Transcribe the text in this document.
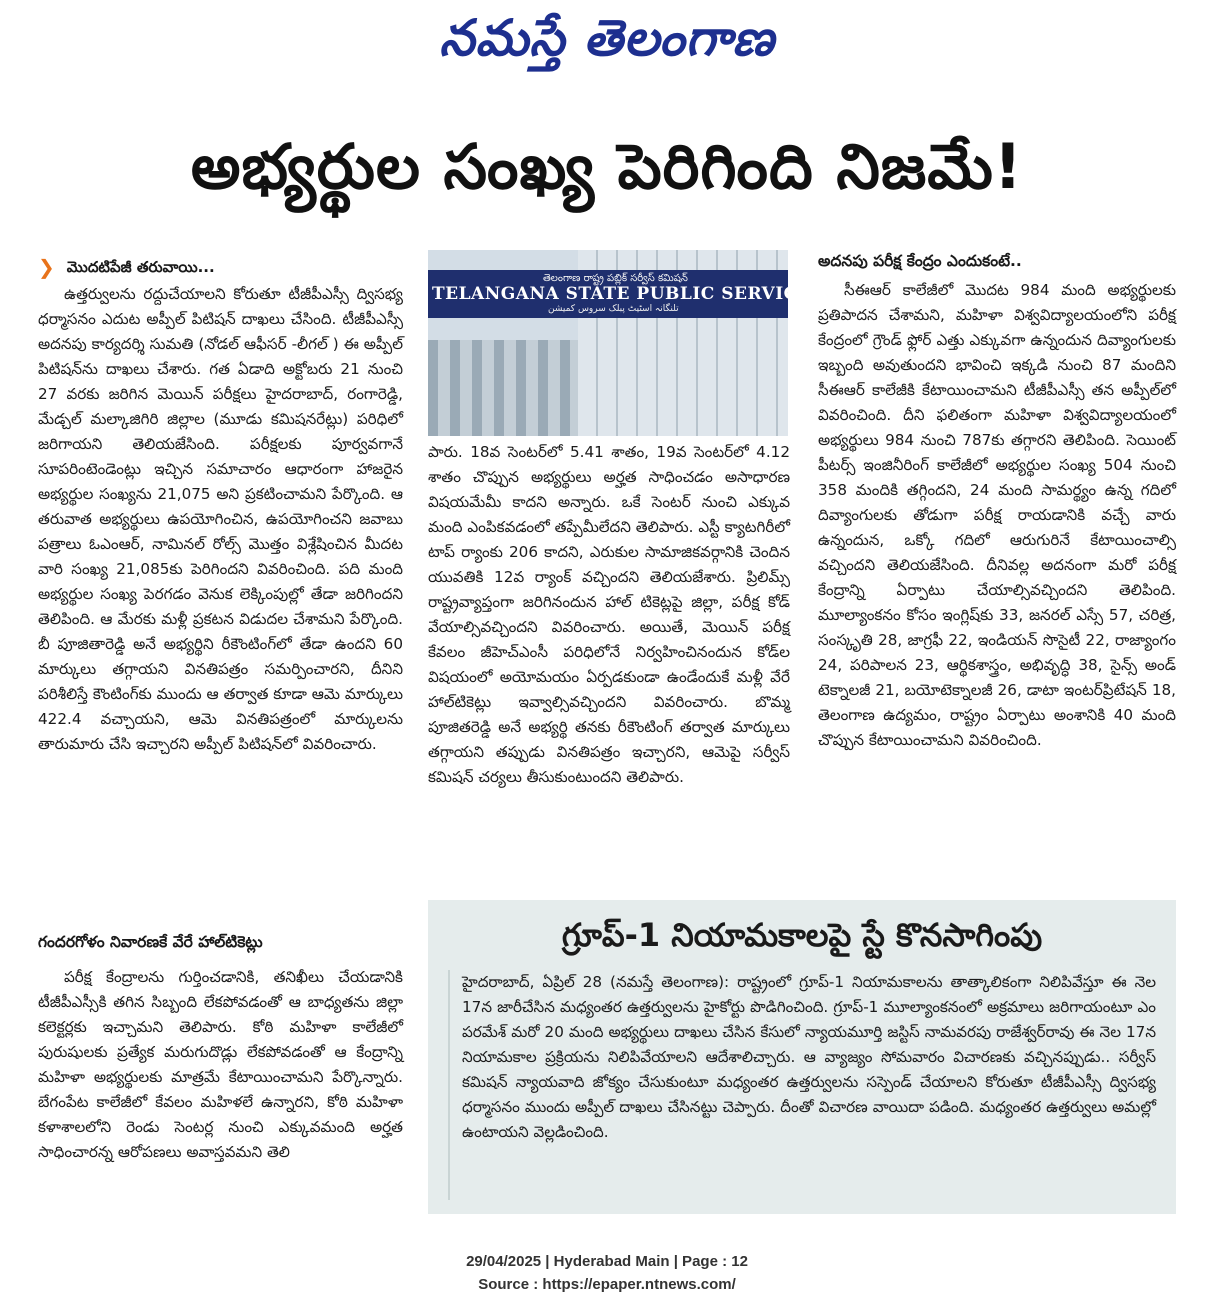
నమస్తే తెలంగాణ
అభ్యర్థుల సంఖ్య పెరిగింది నిజమే!
❯ మొదటిపేజీ తరువాయి...

ఉత్తర్వులను రద్దుచేయాలని కోరుతూ టీజీపీఎస్సీ ద్విసభ్య ధర్మాసనం ఎదుట అప్పీల్ పిటిషన్ దాఖలు చేసింది. టీజీపీఎస్సీ అదనపు కార్యదర్శి సుమతి (నోడల్ ఆఫీసర్ -లీగల్ ) ఈ అప్పీల్ పిటిషన్‌ను దాఖలు చేశారు. గత ఏడాది అక్టోబరు 21 నుంచి 27 వరకు జరిగిన మెయిన్ పరీక్షలు హైదరాబాద్, రంగారెడ్డి, మేడ్చల్ మల్కాజిగిరి జిల్లాల (మూడు కమిషనరేట్లు) పరిధిలో జరిగాయని తెలియజేసింది. పరీక్షలకు పూర్వవగానే సూపరింటెండెంట్లు ఇచ్చిన సమాచారం ఆధారంగా హాజరైన అభ్యర్థుల సంఖ్యను 21,075 అని ప్రకటించామని పేర్కొంది. ఆ తరువాత అభ్యర్థులు ఉపయోగించిన, ఉపయోగించని జవాబు పత్రాలు ఓఎంఆర్, నామినల్ రోల్స్ మొత్తం విశ్లేషించిన మీదట వారి సంఖ్య 21,085కు పెరిగిందని వివరించింది. పది మంది అభ్యర్థుల సంఖ్య పెరగడం వెనుక లెక్కింపుల్లో తేడా జరిగిందని తెలిపింది. ఆ మేరకు మళ్లీ ప్రకటన విడుదల చేశామని పేర్కొంది. బీ పూజితారెడ్డి అనే అభ్యర్థిని రీకౌంటింగ్‌లో తేడా ఉందని 60 మార్కులు తగ్గాయని వినతిపత్రం సమర్పించారని, దీనిని పరిశీలిస్తే కౌంటింగ్‌కు ముందు ఆ తర్వాత కూడా ఆమె మార్కులు 422.4 వచ్చాయని, ఆమె వినతిపత్రంలో మార్కులను తారుమారు చేసి ఇచ్చారని అప్పీల్ పిటిషన్‌లో వివరించారు.

గందరగోళం నివారణకే వేరే హాల్‌టికెట్లు

పరీక్ష కేంద్రాలను గుర్తించడానికి, తనిఖీలు చేయడానికి టీజీపీఎస్సీకి తగిన సిబ్బంది లేకపోవడంతో ఆ బాధ్యతను జిల్లా కలెక్టర్లకు ఇచ్చామని తెలిపారు. కోఠి మహిళా కాలేజీలో పురుషులకు ప్రత్యేక మరుగుదొడ్లు లేకపోవడంతో ఆ కేంద్రాన్ని మహిళా అభ్యర్థులకు మాత్రమే కేటాయించామని పేర్కొన్నారు. బేగంపేట కాలేజీలో కేవలం మహిళలే ఉన్నారని, కోఠి మహిళా కళాశాలలోని రెండు సెంటర్ల నుంచి ఎక్కువమంది అర్హత సాధించారన్న ఆరోపణలు అవాస్తవమని తెలి

తెలంగాణ రాష్ట్ర పబ్లిక్ సర్వీస్ కమిషన్
TELANGANA STATE PUBLIC SERVICE COMM
تلنگانہ اسٹیٹ پبلک سروس کمیشن

పారు. 18వ సెంటర్‌లో 5.41 శాతం, 19వ సెంటర్‌లో 4.12 శాతం చొప్పున అభ్యర్థులు అర్హత సాధించడం అసాధారణ విషయమేమీ కాదని అన్నారు. ఒకే సెంటర్ నుంచి ఎక్కువ మంది ఎంపికవడంలో తప్పేమీలేదని తెలిపారు. ఎస్టీ క్యాటగిరీలో టాప్ ర్యాంకు 206 కాదని, ఎరుకుల సామాజికవర్గానికి చెందిన యువతికి 12వ ర్యాంక్ వచ్చిందని తెలియజేశారు. ప్రిలిమ్స్ రాష్ట్రవ్యాప్తంగా జరిగినందున హాల్ టికెట్లపై జిల్లా, పరీక్ష కోడ్ వేయాల్సివచ్చిందని వివరించారు. అయితే, మెయిన్ పరీక్ష కేవలం జీహెచ్ఎంసీ పరిధిలోనే నిర్వహించినందున కోడ్‌ల విషయంలో అయోమయం ఏర్పడకుండా ఉండేందుకే మళ్లీ వేరే హాల్‌టికెట్లు ఇవ్వాల్సివచ్చిందని వివరించారు. బొమ్మ పూజితరెడ్డి అనే అభ్యర్థి తనకు రీకౌంటింగ్ తర్వాత మార్కులు తగ్గాయని తప్పుడు వినతిపత్రం ఇచ్చారని, ఆమెపై సర్వీస్ కమిషన్ చర్యలు తీసుకుంటుందని తెలిపారు.

అదనపు పరీక్ష కేంద్రం ఎందుకంటే..

సీఈఆర్ కాలేజీలో మొదట 984 మంది అభ్యర్థులకు ప్రతిపాదన చేశామని, మహిళా విశ్వవిద్యాలయంలోని పరీక్ష కేంద్రంలో గ్రౌండ్ ఫ్లోర్ ఎత్తు ఎక్కువగా ఉన్నందున దివ్యాంగులకు ఇబ్బంది అవుతుందని భావించి ఇక్కడి నుంచి 87 మందిని సీఈఆర్ కాలేజీకి కేటాయించామని టీజీపీఎస్సీ తన అప్పీల్‌లో వివరించింది. దీని ఫలితంగా మహిళా విశ్వవిద్యాలయంలో అభ్యర్థులు 984 నుంచి 787కు తగ్గారని తెలిపింది. సెయింట్ పీటర్స్ ఇంజినీరింగ్ కాలేజీలో అభ్యర్థుల సంఖ్య 504 నుంచి 358 మందికి తగ్గిందని, 24 మంది సామర్థ్యం ఉన్న గదిలో దివ్యాంగులకు తోడుగా పరీక్ష రాయడానికి వచ్చే వారు ఉన్నందున, ఒక్కో గదిలో ఆరుగురినే కేటాయించాల్సి వచ్చిందని తెలియజేసింది. దీనివల్ల అదనంగా మరో పరీక్ష కేంద్రాన్ని ఏర్పాటు చేయాల్సివచ్చిందని తెలిపింది. మూల్యాంకనం కోసం ఇంగ్లిష్‌కు 33, జనరల్ ఎస్సే 57, చరిత్ర, సంస్కృతి 28, జాగ్రఫీ 22, ఇండియన్ సొసైటీ 22, రాజ్యాంగం 24, పరిపాలన 23, ఆర్థికశాస్త్రం, అభివృద్ధి 38, సైన్స్ అండ్ టెక్నాలజీ 21, బయోటెక్నాలజీ 26, డాటా ఇంటర్‌ప్రిటేషన్ 18, తెలంగాణ ఉద్యమం, రాష్ట్రం ఏర్పాటు అంశానికి 40 మంది చొప్పున కేటాయించామని వివరించింది.

గ్రూప్-1 నియామకాలపై స్టే కొనసాగింపు
హైదరాబాద్, ఏప్రిల్ 28 (నమస్తే తెలంగాణ): రాష్ట్రంలో గ్రూప్-1 నియామకాలను తాత్కాలికంగా నిలిపివేస్తూ ఈ నెల 17న జారీచేసిన మధ్యంతర ఉత్తర్వులను హైకోర్టు పొడిగించింది. గ్రూప్-1 మూల్యాంకనంలో అక్రమాలు జరిగాయంటూ ఎం పరమేశ్ మరో 20 మంది అభ్యర్థులు దాఖలు చేసిన కేసులో న్యాయమూర్తి జస్టిస్ నామవరపు రాజేశ్వర్‌రావు ఈ నెల 17న నియామకాల ప్రక్రియను నిలిపివేయాలని ఆదేశాలిచ్చారు. ఆ వ్యాజ్యం సోమవారం విచారణకు వచ్చినప్పుడు.. సర్వీస్ కమిషన్ న్యాయవాది జోక్యం చేసుకుంటూ మధ్యంతర ఉత్తర్వులను సస్పెండ్ చేయాలని కోరుతూ టీజీపీఎస్సీ ద్విసభ్య ధర్మాసనం ముందు అప్పీల్ దాఖలు చేసినట్టు చెప్పారు. దీంతో విచారణ వాయిదా పడింది. మధ్యంతర ఉత్తర్వులు అమల్లో ఉంటాయని వెల్లడించింది.
29/04/2025 | Hyderabad Main | Page : 12
Source : https://epaper.ntnews.com/
